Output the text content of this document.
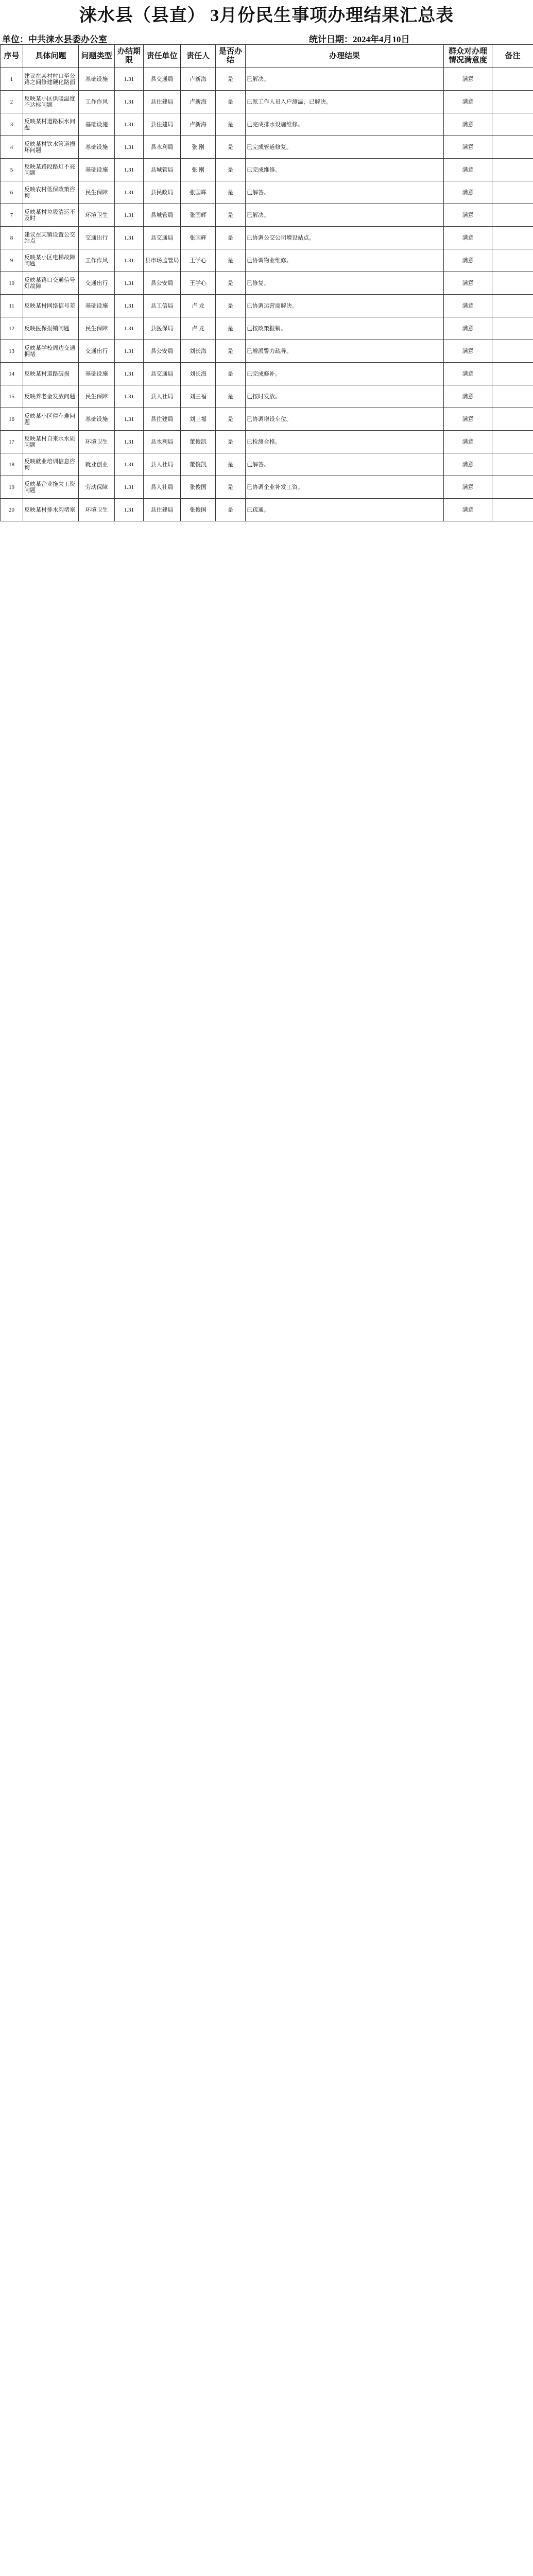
涞水县（县直） 3月份民生事项办理结果汇总表
单位：中共涞水县委办公室	统计日期：2024年4月10日
序号	具体问题	问题类型	办结期限	责任单位	责任人	是否办结	办理结果	群众对办理情况满意度	备注
1	建议在某村村口至公路之间修建硬化路面	基础设施	1.31	县交通局	卢新海	是	已解决。	满意	
2	反映某小区供暖温度不达标问题	工作作风	1.31	县住建局	卢新海	是	已派工作人员入户测温，已解决。	满意	
3	反映某村道路积水问题	基础设施	1.31	县住建局	卢新海	是	已完成排水设施维修。	满意	
4	反映某村饮水管道损坏问题	基础设施	1.31	县水利局	张 刚	是	已完成管道修复。	满意	
5	反映某路段路灯不亮问题	基础设施	1.31	县城管局	张 刚	是	已完成维修。	满意	
6	反映农村低保政策咨询	民生保障	1.31	县民政局	张国辉	是	已解答。	满意	
7	反映某村垃圾清运不及时	环境卫生	1.31	县城管局	张国辉	是	已解决。	满意	
8	建议在某镇设置公交站点	交通出行	1.31	县交通局	张国辉	是	已协调公交公司增设站点。	满意	
9	反映某小区电梯故障问题	工作作风	1.31	县市场监管局	王学心	是	已协调物业维修。	满意	
10	反映某路口交通信号灯故障	交通出行	1.31	县公安局	王学心	是	已修复。	满意	
11	反映某村网络信号差	基础设施	1.31	县工信局	卢 龙	是	已协调运营商解决。	满意	
12	反映医保报销问题	民生保障	1.31	县医保局	卢 龙	是	已按政策报销。	满意	
13	反映某学校周边交通拥堵	交通出行	1.31	县公安局	刘长海	是	已增派警力疏导。	满意	
14	反映某村道路破损	基础设施	1.31	县交通局	刘长海	是	已完成修补。	满意	
15	反映养老金发放问题	民生保障	1.31	县人社局	刘三福	是	已按时发放。	满意	
16	反映某小区停车难问题	基础设施	1.31	县住建局	刘三福	是	已协调增设车位。	满意	
17	反映某村自来水水质问题	环境卫生	1.31	县水利局	董俊凯	是	已检测合格。	满意	
18	反映就业培训信息咨询	就业创业	1.31	县人社局	董俊凯	是	已解答。	满意	
19	反映某企业拖欠工资问题	劳动保障	1.31	县人社局	张俊国	是	已协调企业补发工资。	满意	
20	反映某村排水沟堵塞	环境卫生	1.31	县住建局	张俊国	是	已疏通。	满意	
